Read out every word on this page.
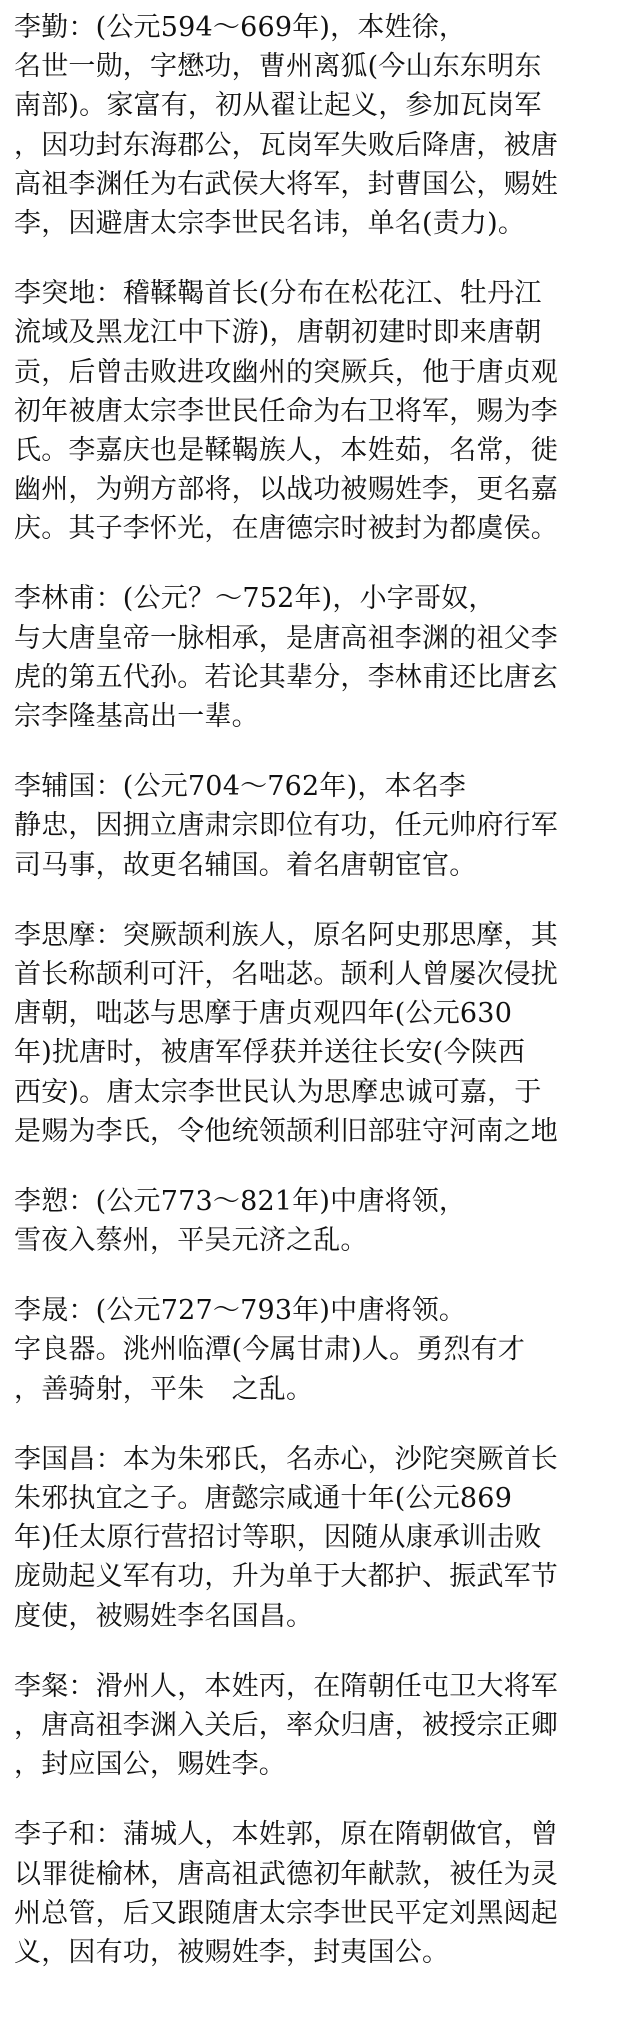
李勤：(公元594～669年)，本姓徐，
名世一勋，字懋功，曹州离狐(今山东东明东
南部)。家富有，初从翟让起义，参加瓦岗军
，因功封东海郡公，瓦岗军失败后降唐，被唐
高祖李渊任为右武侯大将军，封曹国公，赐姓
李，因避唐太宗李世民名讳，单名(责力)。
李突地：稽鞣鞨首长(分布在松花江、牡丹江
流域及黑龙江中下游)，唐朝初建时即来唐朝
贡，后曾击败进攻幽州的突厥兵，他于唐贞观
初年被唐太宗李世民任命为右卫将军，赐为李
氏。李嘉庆也是鞣鞨族人，本姓茹，名常，徙
幽州，为朔方部将，以战功被赐姓李，更名嘉
庆。其子李怀光，在唐德宗时被封为都虞侯。
李林甫：(公元？～752年)，小字哥奴，
与大唐皇帝一脉相承，是唐高祖李渊的祖父李
虎的第五代孙。若论其辈分，李林甫还比唐玄
宗李隆基高出一辈。
李辅国：(公元704～762年)，本名李
静忠，因拥立唐肃宗即位有功，任元帅府行军
司马事，故更名辅国。着名唐朝宦官。
李思摩：突厥颉利族人，原名阿史那思摩，其
首长称颉利可汗，名咄苾。颉利人曾屡次侵扰
唐朝，咄苾与思摩于唐贞观四年(公元630
年)扰唐时，被唐军俘获并送往长安(今陕西
西安)。唐太宗李世民认为思摩忠诚可嘉，于
是赐为李氏，令他统领颉利旧部驻守河南之地
李愬：(公元773～821年)中唐将领，
雪夜入蔡州，平吴元济之乱。
李晟：(公元727～793年)中唐将领。
字良器。洮州临潭(今属甘肃)人。勇烈有才
，善骑射，平朱　之乱。
李国昌：本为朱邪氏，名赤心，沙陀突厥首长
朱邪执宜之子。唐懿宗咸通十年(公元869
年)任太原行营招讨等职，因随从康承训击败
庞勋起义军有功，升为单于大都护、振武军节
度使，被赐姓李名国昌。
李粲：滑州人，本姓丙，在隋朝任屯卫大将军
，唐高祖李渊入关后，率众归唐，被授宗正卿
，封应国公，赐姓李。
李子和：蒲城人，本姓郭，原在隋朝做官，曾
以罪徙榆林，唐高祖武德初年献款，被任为灵
州总管，后又跟随唐太宗李世民平定刘黑闼起
义，因有功，被赐姓李，封夷国公。
